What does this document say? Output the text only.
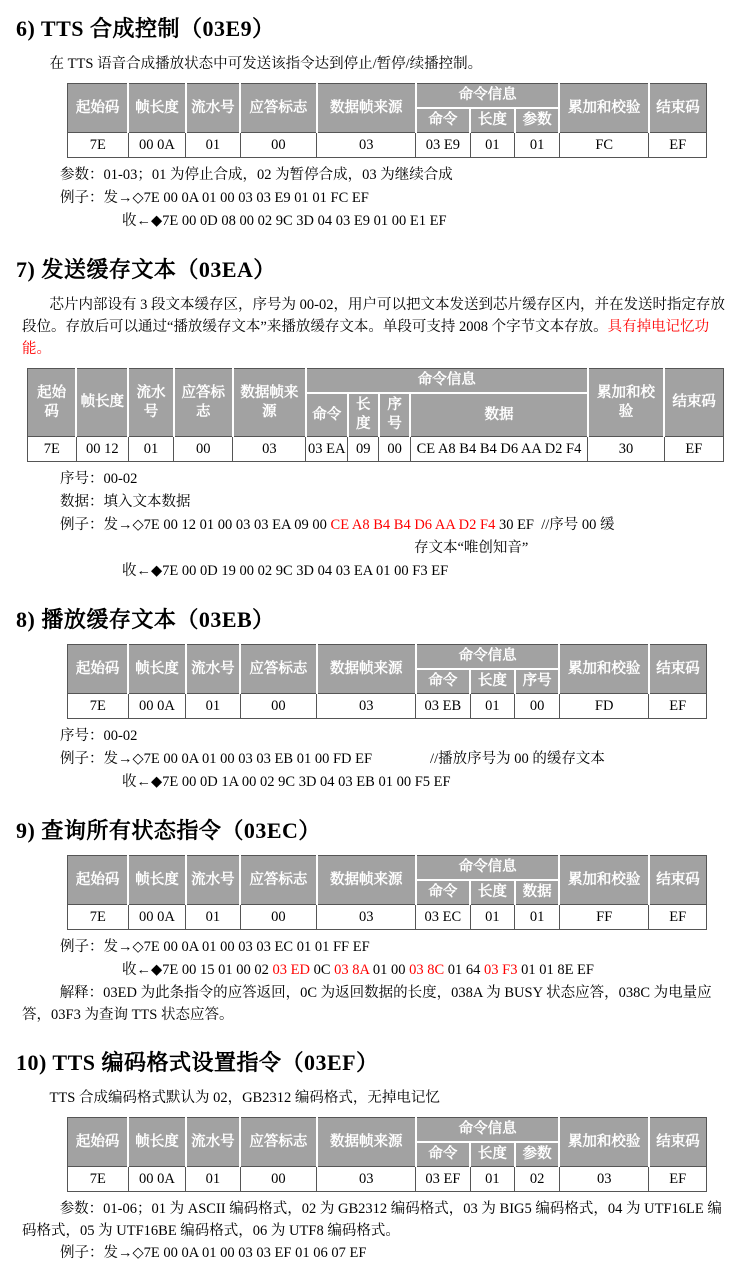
6) TTS 合成控制（03E9）
在 TTS 语音合成播放状态中可发送该指令达到停止/暂停/续播控制。
起始码	帧长度	流水号	应答标志	数据帧来源	命令信息			累加和校验	结束码
					命令	长度	参数		
7E	00 0A	01	00	03	03 E9	01	01	FC	EF
参数：01-03；01 为停止合成，02 为暂停合成，03 为继续合成
例子：发→◇7E 00 0A 01 00 03 03 E9 01 01 FC EF
收←◆7E 00 0D 08 00 02 9C 3D 04 03 E9 01 00 E1 EF
7) 发送缓存文本（03EA）
芯片内部设有 3 段文本缓存区，序号为 00-02，用户可以把文本发送到芯片缓存区内，并在发送时指定存放段位。存放后可以通过“播放缓存文本”来播放缓存文本。单段可支持 2008 个字节文本存放。具有掉电记忆功能。
起始码	帧长度	流水号	应答标志	数据帧来源	命令信息				累加和校验	结束码
					命令	长度	序号	数据		
7E	00 12	01	00	03	03 EA	09	00	CE A8 B4 B4 D6 AA D2 F4	30	EF
序号：00-02
数据：填入文本数据
例子：发→◇7E 00 12 01 00 03 03 EA 09 00 CE A8 B4 B4 D6 AA D2 F4 30 EF  //序号 00 缓
存文本“唯创知音”
收←◆7E 00 0D 19 00 02 9C 3D 04 03 EA 01 00 F3 EF
8) 播放缓存文本（03EB）
起始码	帧长度	流水号	应答标志	数据帧来源	命令信息			累加和校验	结束码
					命令	长度	序号		
7E	00 0A	01	00	03	03 EB	01	00	FD	EF
序号：00-02
例子：发→◇7E 00 0A 01 00 03 03 EB 01 00 FD EF　　　　//播放序号为 00 的缓存文本
收←◆7E 00 0D 1A 00 02 9C 3D 04 03 EB 01 00 F5 EF
9) 查询所有状态指令（03EC）
起始码	帧长度	流水号	应答标志	数据帧来源	命令信息			累加和校验	结束码
					命令	长度	数据		
7E	00 0A	01	00	03	03 EC	01	01	FF	EF
例子：发→◇7E 00 0A 01 00 03 03 EC 01 01 FF EF
收←◆7E 00 15 01 00 02 03 ED 0C 03 8A 01 00 03 8C 01 64 03 F3 01 01 8E EF
解释：03ED 为此条指令的应答返回，0C 为返回数据的长度，038A 为 BUSY 状态应答，038C 为电量应答，03F3 为查询 TTS 状态应答。
10) TTS 编码格式设置指令（03EF）
TTS 合成编码格式默认为 02，GB2312 编码格式，无掉电记忆
起始码	帧长度	流水号	应答标志	数据帧来源	命令信息			累加和校验	结束码
					命令	长度	参数		
7E	00 0A	01	00	03	03 EF	01	02	03	EF
参数：01-06；01 为 ASCII 编码格式，02 为 GB2312 编码格式，03 为 BIG5 编码格式，04 为 UTF16LE 编码格式，05 为 UTF16BE 编码格式，06 为 UTF8 编码格式。
例子：发→◇7E 00 0A 01 00 03 03 EF 01 06 07 EF
